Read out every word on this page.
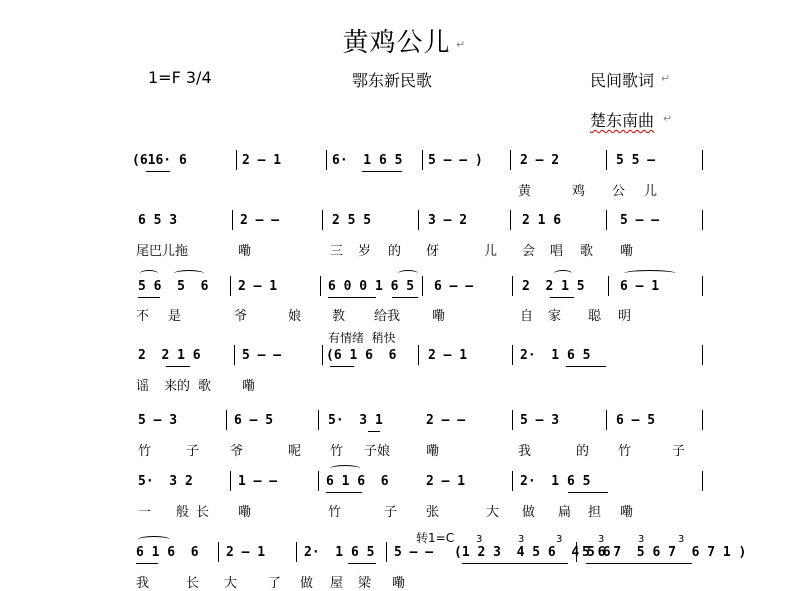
黄鸡公儿 ↵
1=F 3/4	鄂东新民歌	民间歌词 ↵
楚东南曲 ↵
(616· 6	2 – 1	6·  1 6 5 5 – – )	2 – 2	5 5 –
黄	鸡 公 儿
6 5 3	2 – –	2 5 5	3 – 2	2 1 6	5 – –
尾巴儿拖	嘞	三 岁 的 伢	儿 会 唱 歌 嘞
5 6  5  6 2 – 1	6 0 0 1 6 5 6 – –	2  2 1 5	6 – 1
不 是	爷	娘 教 给我 嘞	自 家 聪 明
有情绪  稍快
2  2 1 6	5 – –	(6 1 6  6 2 – 1	2·  1 6 5
谣 来的 歌 嘞
5 – 3	6 – 5	5·  3 1	2 – –	5 – 3	6 – 5
竹	子 爷	呢 竹 子娘	嘞	我	的 竹	子
5·  3 2	1 – –	6 1 6  6	2 – 1	2·  1 6 5
一 般 长 嘞	竹	子 张	大 做 扁 担 嘞
转1=C 3	3	3	3	3	3
6 1 6  6 2 – 1	2·  1 6 5 5 – – (1 2 3  4 5 6  4 5 6
5 6 7  5 6 7  6 7 1 )
我	长 大 了 做 屋 梁 嘞
